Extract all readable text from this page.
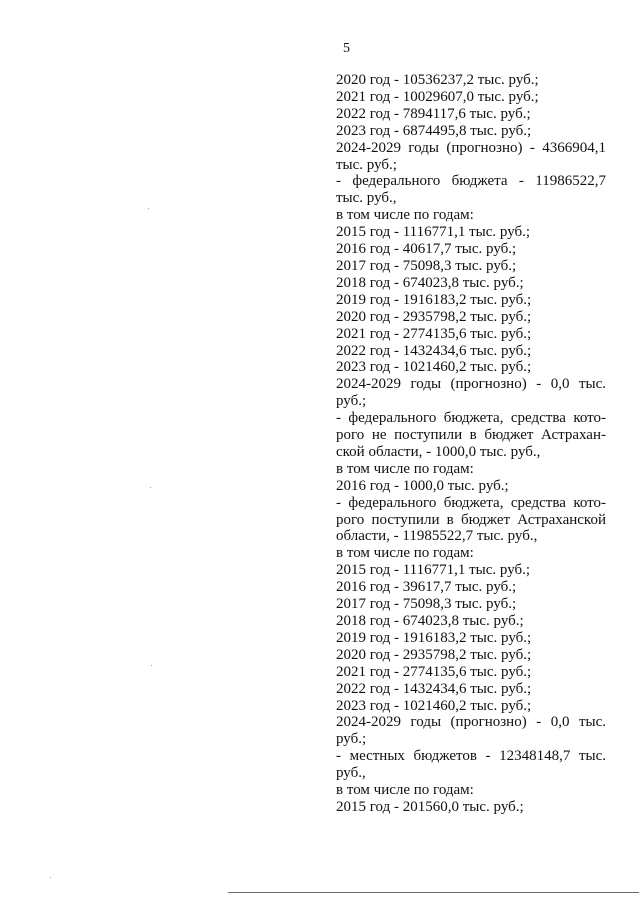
5
2020 год - 10536237,2 тыс. руб.;
2021 год - 10029607,0 тыс. руб.;
2022 год - 7894117,6 тыс. руб.;
2023 год - 6874495,8 тыс. руб.;
2024-2029 годы (прогнозно) - 4366904,1
тыс. руб.;
- федерального бюджета - 11986522,7
тыс. руб.,
в том числе по годам:
2015 год - 1116771,1 тыс. руб.;
2016 год - 40617,7 тыс. руб.;
2017 год - 75098,3 тыс. руб.;
2018 год - 674023,8 тыс. руб.;
2019 год - 1916183,2 тыс. руб.;
2020 год - 2935798,2 тыс. руб.;
2021 год - 2774135,6 тыс. руб.;
2022 год - 1432434,6 тыс. руб.;
2023 год - 1021460,2 тыс. руб.;
2024-2029 годы (прогнозно) - 0,0 тыс.
руб.;
- федерального бюджета, средства кото-
рого не поступили в бюджет Астрахан-
ской области, - 1000,0 тыс. руб.,
в том числе по годам:
2016 год - 1000,0 тыс. руб.;
- федерального бюджета, средства кото-
рого поступили в бюджет Астраханской
области, - 11985522,7 тыс. руб.,
в том числе по годам:
2015 год - 1116771,1 тыс. руб.;
2016 год - 39617,7 тыс. руб.;
2017 год - 75098,3 тыс. руб.;
2018 год - 674023,8 тыс. руб.;
2019 год - 1916183,2 тыс. руб.;
2020 год - 2935798,2 тыс. руб.;
2021 год - 2774135,6 тыс. руб.;
2022 год - 1432434,6 тыс. руб.;
2023 год - 1021460,2 тыс. руб.;
2024-2029 годы (прогнозно) - 0,0 тыс.
руб.;
- местных бюджетов - 12348148,7 тыс.
руб.,
в том числе по годам:
2015 год - 201560,0 тыс. руб.;
